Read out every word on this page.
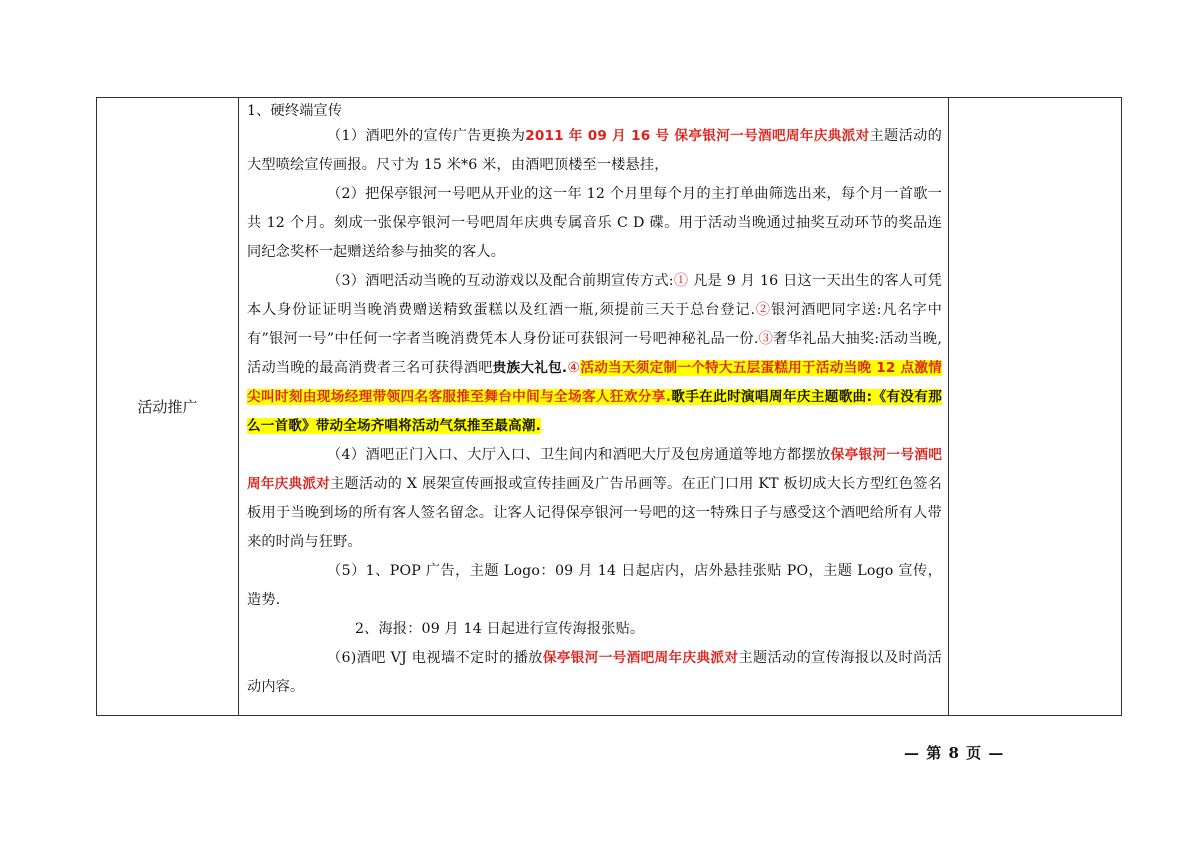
活动推广	

1、硬终端宣传

（1）酒吧外的宣传广告更换为2011 年 09 月 16 号 保亭银河一号酒吧周年庆典派对主题活动的大型喷绘宣传画报。尺寸为 15 米*6 米，由酒吧顶楼至一楼悬挂，

（2）把保亭银河一号吧从开业的这一年 12 个月里每个月的主打单曲筛选出来，每个月一首歌一共 12 个月。刻成一张保亭银河一号吧周年庆典专属音乐 C D 碟。用于活动当晚通过抽奖互动环节的奖品连同纪念奖杯一起赠送给参与抽奖的客人。

（3）酒吧活动当晚的互动游戏以及配合前期宣传方式:① 凡是 9 月 16 日这一天出生的客人可凭本人身份证证明当晚消费赠送精致蛋糕以及红酒一瓶,须提前三天于总台登记.②银河酒吧同字送:凡名字中有”银河一号”中任何一字者当晚消费凭本人身份证可获银河一号吧神秘礼品一份.③奢华礼品大抽奖:活动当晚,活动当晚的最高消费者三名可获得酒吧贵族大礼包.④活动当天须定制一个特大五层蛋糕用于活动当晚 12 点激情尖叫时刻由现场经理带领四名客服推至舞台中间与全场客人狂欢分享.歌手在此时演唱周年庆主题歌曲:《有没有那么一首歌》带动全场齐唱将活动气氛推至最高潮.

（4）酒吧正门入口、大厅入口、卫生间内和酒吧大厅及包房通道等地方都摆放保亭银河一号酒吧周年庆典派对主题活动的 X 展架宣传画报或宣传挂画及广告吊画等。在正门口用 KT 板切成大长方型红色签名板用于当晚到场的所有客人签名留念。让客人记得保亭银河一号吧的这一特殊日子与感受这个酒吧给所有人带来的时尚与狂野。

（5）1、POP 广告，主题 Logo：09 月 14 日起店内，店外悬挂张贴 PO，主题 Logo 宣传，造势.

2、海报：09 月 14 日起进行宣传海报张贴。

（6)酒吧 VJ 电视墙不定时的播放保亭银河一号酒吧周年庆典派对主题活动的宣传海报以及时尚活动内容。

— 第 8 页 —
